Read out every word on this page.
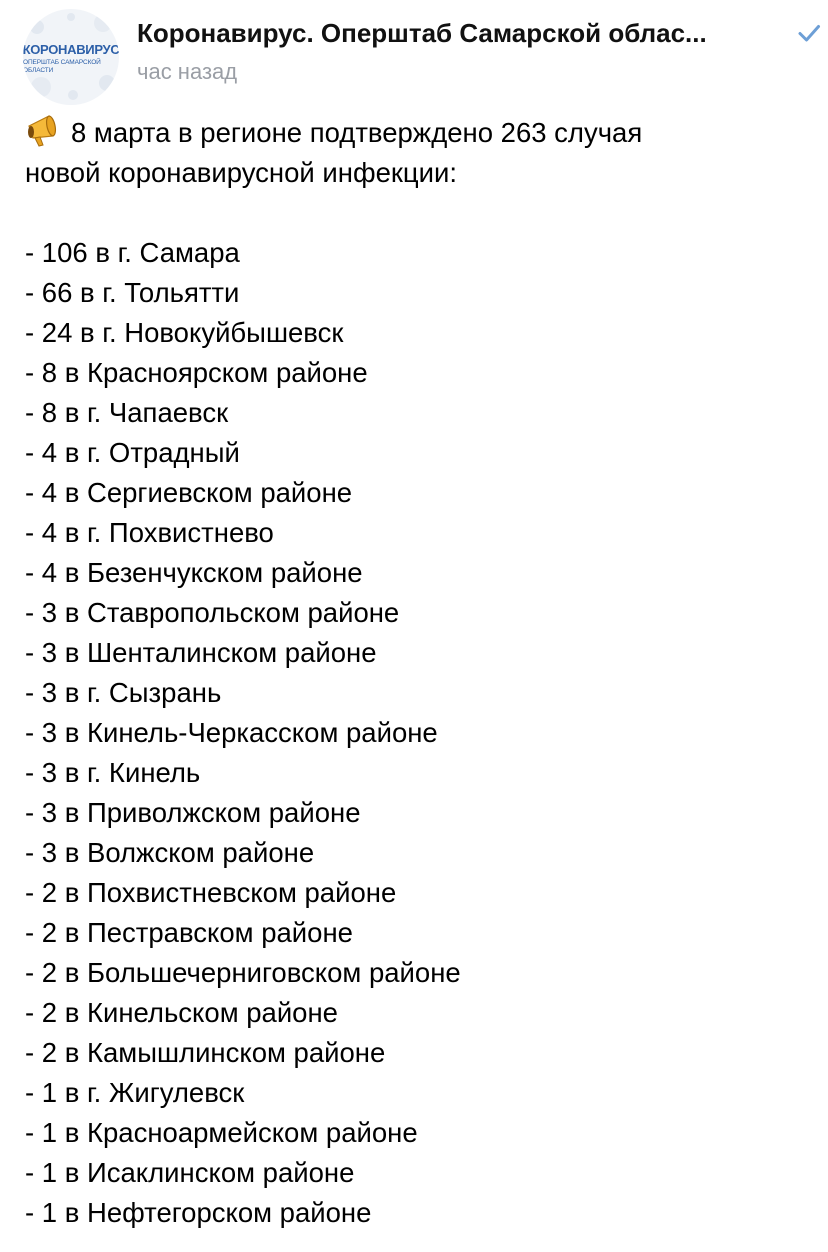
КОРОНАВИРУС
ОПЕРШТАБ САМАРСКОЙ ОБЛАСТИ
Коронавирус. Оперштаб Самарской облас...
час назад
8 марта в регионе подтверждено 263 случая
новой коронавирусной инфекции:
- 106 в г. Самара
- 66 в г. Тольятти
- 24 в г. Новокуйбышевск
- 8 в Красноярском районе
- 8 в г. Чапаевск
- 4 в г. Отрадный
- 4 в Сергиевском районе
- 4 в г. Похвистнево
- 4 в Безенчукском районе
- 3 в Ставропольском районе
- 3 в Шенталинском районе
- 3 в г. Сызрань
- 3 в Кинель-Черкасском районе
- 3 в г. Кинель
- 3 в Приволжском районе
- 3 в Волжском районе
- 2 в Похвистневском районе
- 2 в Пестравском районе
- 2 в Большечерниговском районе
- 2 в Кинельском районе
- 2 в Камышлинском районе
- 1 в г. Жигулевск
- 1 в Красноармейском районе
- 1 в Исаклинском районе
- 1 в Нефтегорском районе
